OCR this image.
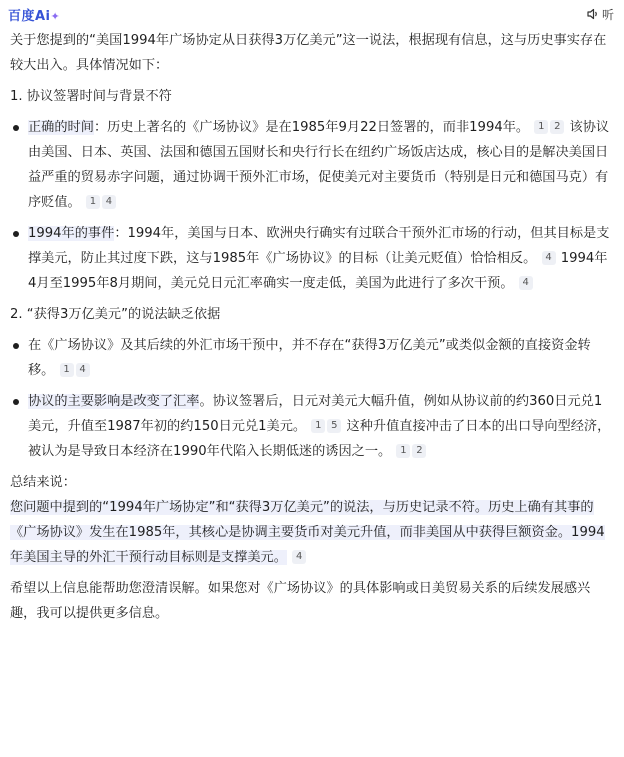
百度Ai✦	听

关于您提到的“美国1994年广场协定从日获得3万亿美元”这一说法，根据现有信息，这与历史事实存在较大出入。具体情况如下：

1. 协议签署时间与背景不符

正确的时间：历史上著名的《广场协议》是在1985年9月22日签署的，而非1994年。 1 2 该协议由美国、日本、英国、法国和德国五国财长和央行行长在纽约广场饭店达成，核心目的是解决美国日益严重的贸易赤字问题，通过协调干预外汇市场，促使美元对主要货币（特别是日元和德国马克）有序贬值。 1 4
1994年的事件：1994年，美国与日本、欧洲央行确实有过联合干预外汇市场的行动，但其目标是支撑美元，防止其过度下跌，这与1985年《广场协议》的目标（让美元贬值）恰恰相反。 4 1994年4月至1995年8月期间，美元兑日元汇率确实一度走低，美国为此进行了多次干预。 4

2. “获得3万亿美元”的说法缺乏依据

在《广场协议》及其后续的外汇市场干预中，并不存在“获得3万亿美元”或类似金额的直接资金转移。 1 4
协议的主要影响是改变了汇率。协议签署后，日元对美元大幅升值，例如从协议前的约360日元兑1美元，升值至1987年初的约150日元兑1美元。 1 5 这种升值直接冲击了日本的出口导向型经济，被认为是导致日本经济在1990年代陷入长期低迷的诱因之一。 1 2

总结来说：

您问题中提到的“1994年广场协定”和“获得3万亿美元”的说法，与历史记录不符。历史上确有其事的《广场协议》发生在1985年，其核心是协调主要货币对美元升值，而非美国从中获得巨额资金。1994年美国主导的外汇干预行动目标则是支撑美元。 4

希望以上信息能帮助您澄清误解。如果您对《广场协议》的具体影响或日美贸易关系的后续发展感兴趣，我可以提供更多信息。
